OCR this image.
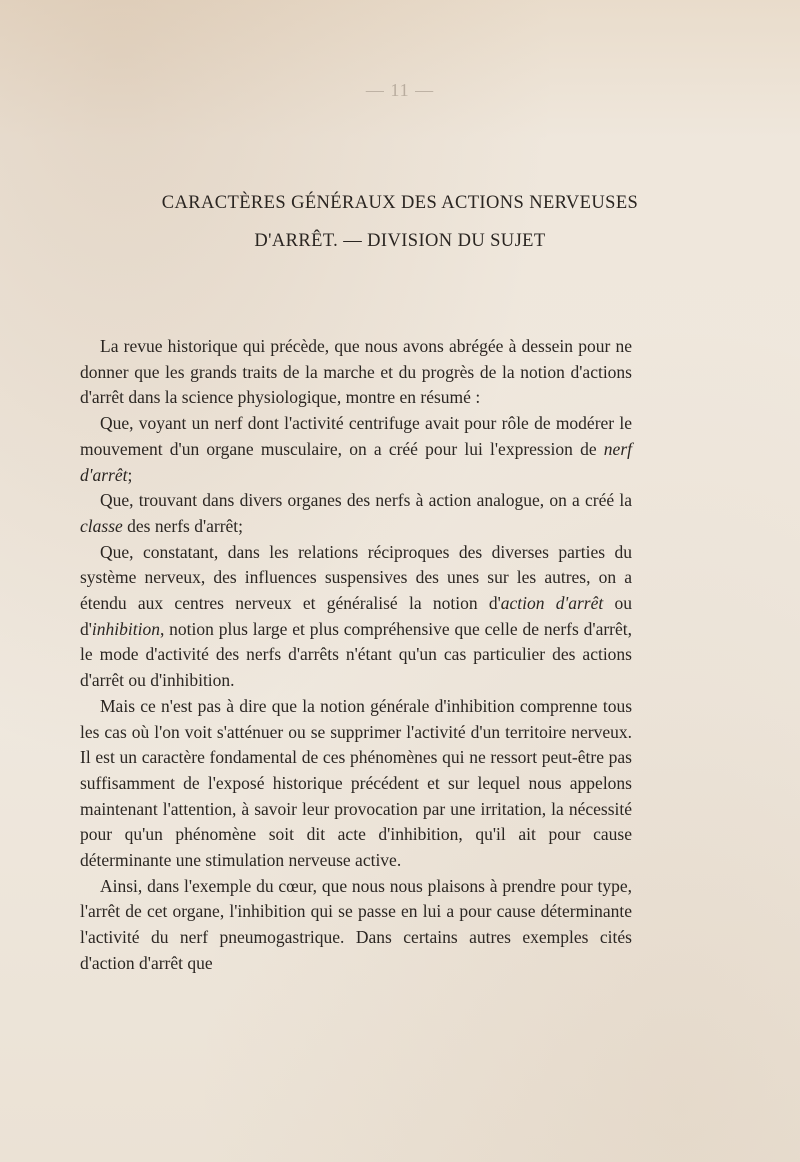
— 11 —
CARACTÈRES GÉNÉRAUX DES ACTIONS NERVEUSES
D'ARRÊT. — DIVISION DU SUJET

La revue historique qui précède, que nous avons abrégée à dessein pour ne donner que les grands traits de la marche et du progrès de la notion d'actions d'arrêt dans la science physiologique, montre en résumé :

Que, voyant un nerf dont l'activité centrifuge avait pour rôle de modérer le mouvement d'un organe musculaire, on a créé pour lui l'expression de nerf d'arrêt;

Que, trouvant dans divers organes des nerfs à action analogue, on a créé la classe des nerfs d'arrêt;

Que, constatant, dans les relations réciproques des diverses parties du système nerveux, des influences suspensives des unes sur les autres, on a étendu aux centres nerveux et généralisé la notion d'action d'arrêt ou d'inhibition, notion plus large et plus compréhensive que celle de nerfs d'arrêt, le mode d'activité des nerfs d'arrêts n'étant qu'un cas particulier des actions d'arrêt ou d'inhibition.

Mais ce n'est pas à dire que la notion générale d'inhibition comprenne tous les cas où l'on voit s'atténuer ou se supprimer l'activité d'un territoire nerveux. Il est un caractère fondamental de ces phénomènes qui ne ressort peut-être pas suffisamment de l'exposé historique précédent et sur lequel nous appelons maintenant l'attention, à savoir leur provocation par une irritation, la nécessité pour qu'un phénomène soit dit acte d'inhibition, qu'il ait pour cause déterminante une stimulation nerveuse active.

Ainsi, dans l'exemple du cœur, que nous nous plaisons à prendre pour type, l'arrêt de cet organe, l'inhibition qui se passe en lui a pour cause déterminante l'activité du nerf pneumogastrique. Dans certains autres exemples cités d'action d'arrêt que
